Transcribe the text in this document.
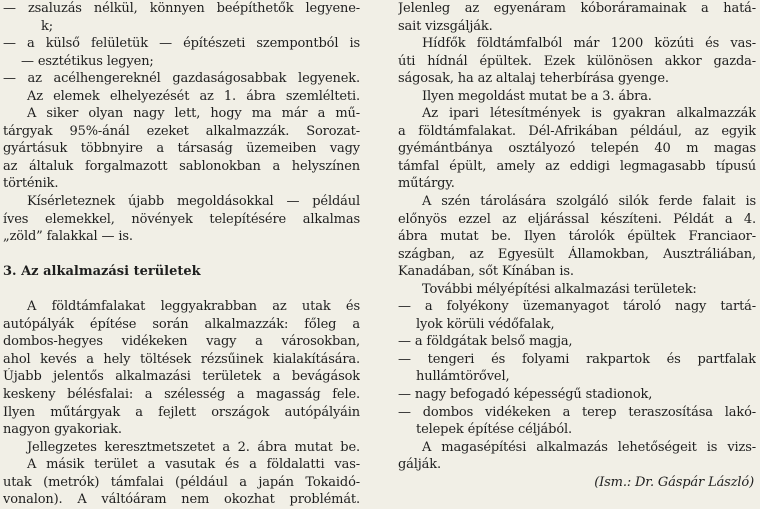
— zsaluzás nélkül, könnyen beépíthetők legyene-
k;
— a külső felületük — építészeti szempontból is
— esztétikus legyen;
— az acélhengereknél gazdaságosabbak legyenek.
Az elemek elhelyezését az 1. ábra szemlélteti.
A siker olyan nagy lett, hogy ma már a mű-
tárgyak 95%-ánál ezeket alkalmazzák. Sorozat-
gyártásuk többnyire a társaság üzemeiben vagy
az általuk forgalmazott sablonokban a helyszínen
történik.
Kísérleteznek újabb megoldásokkal — például
íves elemekkel, növények telepítésére alkalmas
„zöld” falakkal — is.
3. Az alkalmazási területek
A földtámfalakat leggyakrabban az utak és
autópályák építése során alkalmazzák: főleg a
dombos-hegyes vidékeken vagy a városokban,
ahol kevés a hely töltések rézsűinek kialakítására.
Újabb jelentős alkalmazási területek a bevágások
keskeny bélésfalai: a szélesség a magasság fele.
Ilyen műtárgyak a fejlett országok autópályáin
nagyon gyakoriak.
Jellegzetes keresztmetszetet a 2. ábra mutat be.
A másik terület a vasutak és a földalatti vas-
utak (metrók) támfalai (például a japán Tokaidó-
vonalon). A váltóáram nem okozhat problémát.
Jelenleg az egyenáram kóboráramainak a hatá-
sait vizsgálják.
Hídfők földtámfalból már 1200 közúti és vas-
úti hídnál épültek. Ezek különösen akkor gazda-
ságosak, ha az altalaj teherbírása gyenge.
Ilyen megoldást mutat be a 3. ábra.
Az ipari létesítmények is gyakran alkalmazzák
a földtámfalakat. Dél-Afrikában például, az egyik
gyémántbánya osztályozó telepén 40 m magas
támfal épült, amely az eddigi legmagasabb típusú
műtárgy.
A szén tárolására szolgáló silók ferde falait is
előnyös ezzel az eljárással készíteni. Példát a 4.
ábra mutat be. Ilyen tárolók épültek Franciaor-
szágban, az Egyesült Államokban, Ausztráliában,
Kanadában, sőt Kínában is.
További mélyépítési alkalmazási területek:
— a folyékony üzemanyagot tároló nagy tartá-
lyok körüli védőfalak,
— a földgátak belső magja,
— tengeri és folyami rakpartok és partfalak
hullámtörővel,
— nagy befogadó képességű stadionok,
— dombos vidékeken a terep teraszosítása lakó-
telepek építése céljából.
A magasépítési alkalmazás lehetőségeit is vizs-
gálják.
(Ism.: Dr. Gáspár László)
